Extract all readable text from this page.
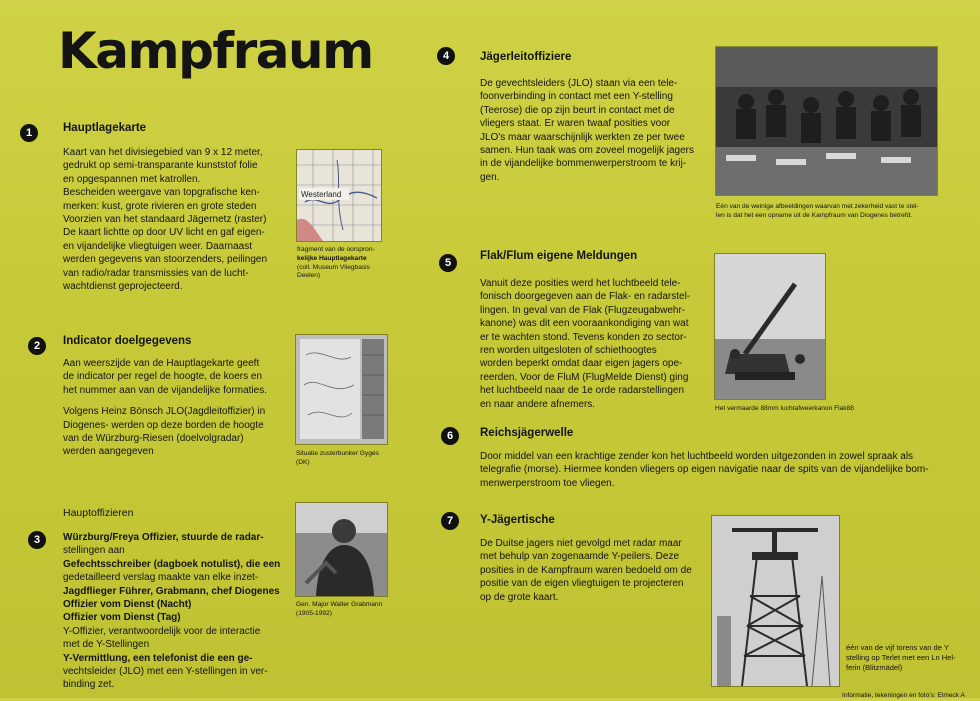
Kampfraum
1	Hauptlagekarte

Kaart van het divisiegebied van 9 x 12 meter,

gedrukt op semi-transparante kunststof folie

en opgespannen met katrollen.

Bescheiden weergave van topgrafische ken-

merken: kust, grote rivieren en grote steden

Voorzien van het standaard Jägernetz (raster)

De kaart lichtte op door UV licht en gaf eigen-

en vijandelijke vliegtuigen weer. Daarnaast

werden gegevens van stoorzenders, peilingen

van radio/radar transmissies van de lucht-

wachtdienst geprojecteerd.

Westerland
fragment van de oorspron-
kelijke Hauptlagekarte
(coll. Museum Vliegbasis
Deelen)
2	Indicator doelgegevens

Aan weerszijde van de Hauptlagekarte geeft

de indicator per regel de hoogte, de koers en

het nummer aan van de vijandelijke formaties.

Volgens Heinz Bönsch JLO(Jagdleitoffizier) in

Diogenes- werden op deze borden de hoogte

van de Würzburg-Riesen (doelvolgradar)

werden aangegeven	Situatie zusterbunker Gyges
(DK)
Hauptoffizieren
3	Würzburg/Freya Offizier, stuurde de radar-

stellingen aan

Gefechtsschreiber (dagboek notulist), die een

gedetailleerd verslag maakte van elke inzet-

Jagdflieger Führer, Grabmann, chef Diogenes

Offizier vom Dienst (Nacht)

Offizier vom Dienst (Tag)

Y-Offizier, verantwoordelijk voor de interactie

met de Y-Stellingen

Y-Vermittlung, een telefonist die een ge-

vechtsleider (JLO) met een Y-stellingen in ver-

binding zet.

Gen. Major Walter Grabmann
(1905-1992)
4	Jägerleitoffiziere

De gevechtsleiders (JLO) staan via een tele-

foonverbinding in contact met een Y-stelling

(Teerose) die op zijn beurt in contact met de

vliegers staat. Er waren twaaf posities voor

JLO's maar waarschijnlijk werkten ze per twee

samen. Hun taak was om zoveel mogelijk jagers

in de vijandelijke bommenwerperstroom te krij-

gen.

Eén van de weinige afbeeldingen waarvan met zekerheid vast te stel-
len is dat het een opname uit de Kampfraum van Diogenes betrefd.
5
Flak/Flum eigene Meldungen

Vanuit deze posities werd het luchtbeeld tele-

fonisch doorgegeven aan de Flak- en radarstel-

lingen. In geval van de Flak (Flugzeugabwehr-

kanone) was dit een vooraankondiging van wat

er te wachten stond. Tevens konden zo sector-

ren worden uitgesloten of schiethoogtes

worden beperkt omdat daar eigen jagers ope-

reerden. Voor de FluM (FlugMelde Dienst) ging

het luchtbeeld naar de 1e orde radarstellingen

en naar andere afnemers.	Het vermaarde 88mm luchtafweerkanon Flak88
6	Reichsjägerwelle

Door middel van een krachtige zender kon het luchtbeeld worden uitgezonden in zowel spraak als

telegrafie (morse). Hiermee konden vliegers op eigen navigatie naar de spits van de vijandelijke bom-

menwerperstroom toe vliegen.

7	Y-Jägertische

De Duitse jagers niet gevolgd met radar maar

met behulp van zogenaamde Y-peilers. Deze

posities in de Kampfraum waren bedoeld om de

positie van de eigen vliegtuigen te projecteren

op de grote kaart.

één van de vijf torens van de Y
stelling op Terlet met een Ln Hel-
ferin (Blitzmädel)
Informatie, tekeningen en foto's: Elmeck A
